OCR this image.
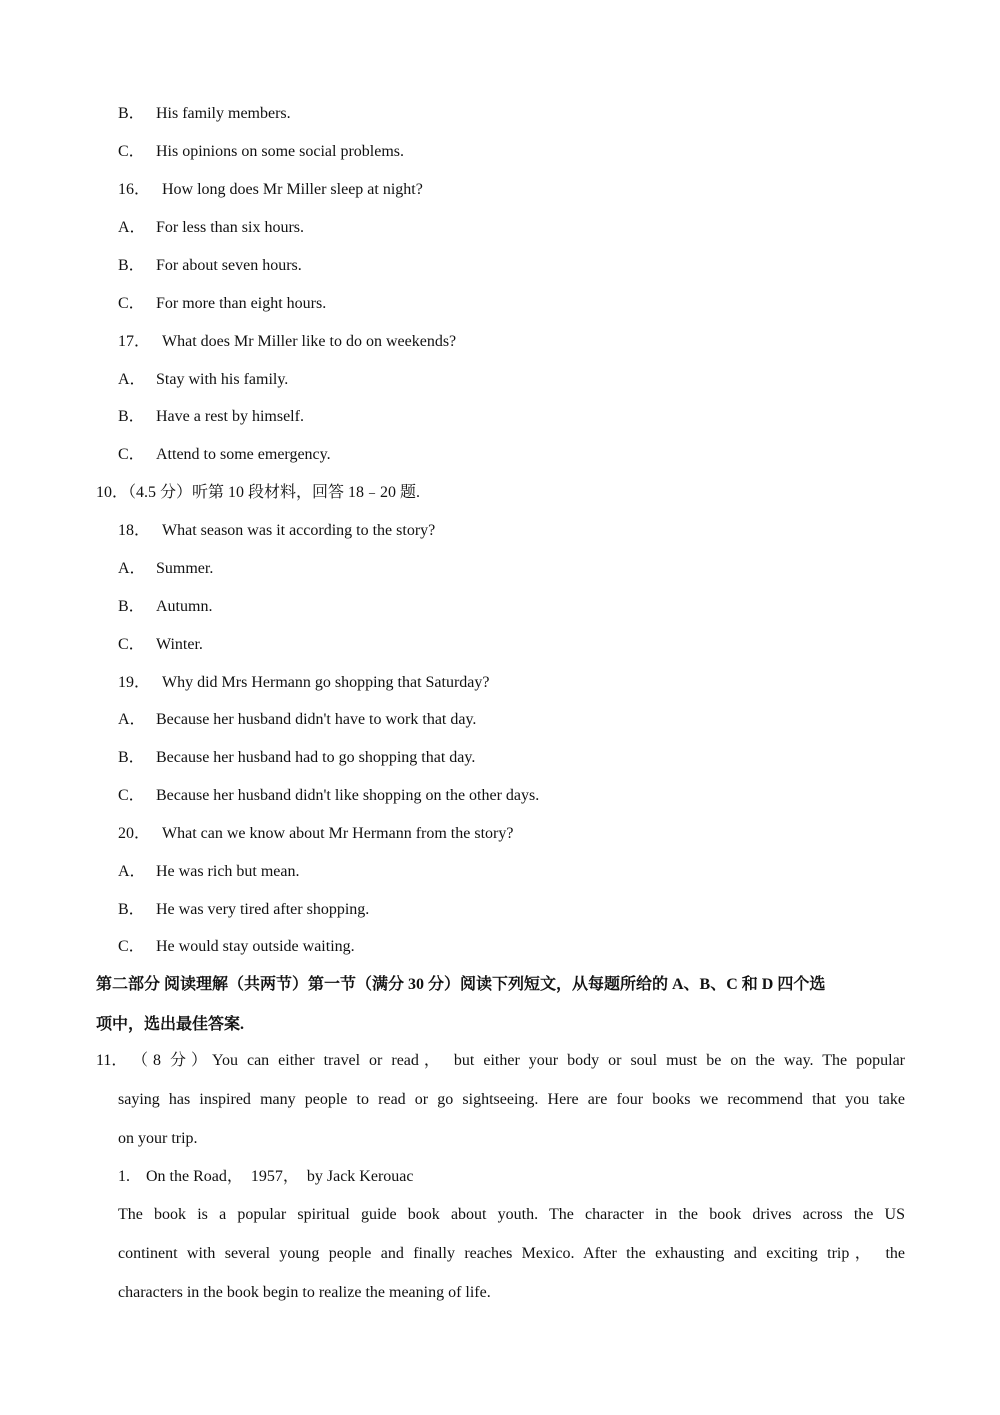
B． His family members.
C． His opinions on some social problems.
16． How long does Mr Miller sleep at night?
A． For less than six hours.
B． For about seven hours.
C． For more than eight hours.
17． What does Mr Miller like to do on weekends?
A． Stay with his family.
B． Have a rest by himself.
C． Attend to some emergency.
10．（4.5 分）听第 10 段材料，回答 18﹣20 题.
18． What season was it according to the story?
A． Summer.
B． Autumn.
C． Winter.
19． Why did Mrs Hermann go shopping that Saturday?
A． Because her husband didn't have to work that day.
B． Because her husband had to go shopping that day.
C． Because her husband didn't like shopping on the other days.
20． What can we know about Mr Hermann from the story?
A． He was rich but mean.
B． He was very tired after shopping.
C． He would stay outside waiting.
第二部分 阅读理解（共两节）第一节（满分 30 分）阅读下列短文，从每题所给的 A、B、C 和 D 四个选
项中，选出最佳答案.
11． （8 分）You can either travel or read， but either your body or soul must be on the way. The popular
saying has inspired many people to read or go sightseeing. Here are four books we recommend that you take
on your trip.
1.    On the Road，  1957，  by Jack Kerouac
The book is a popular spiritual guide book about youth. The character in the book drives across the US
continent with several young people and finally reaches Mexico. After the exhausting and exciting trip， the
characters in the book begin to realize the meaning of life.
